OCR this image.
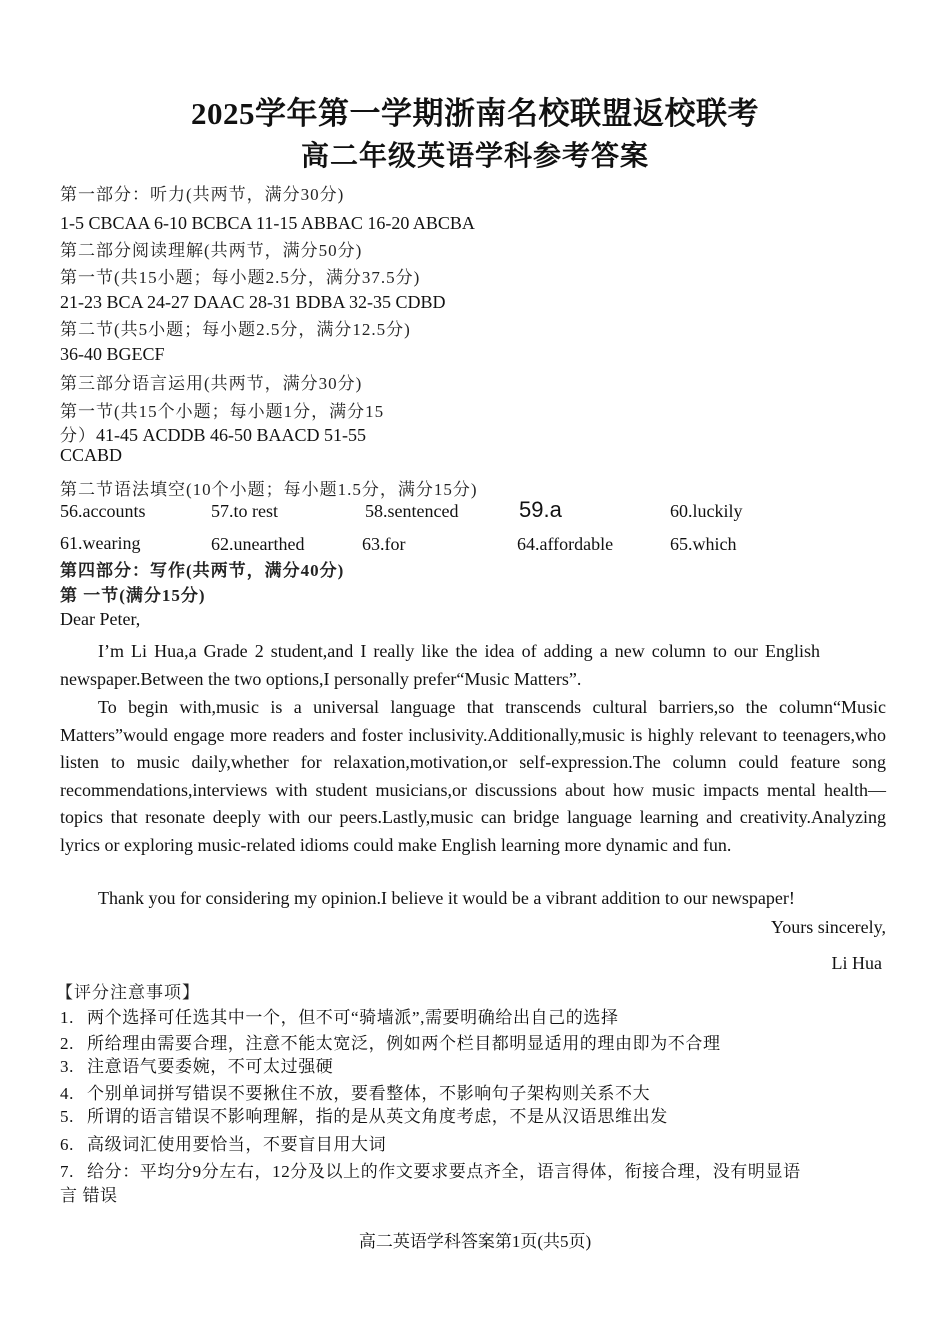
2025学年第一学期浙南名校联盟返校联考
高二年级英语学科参考答案
第一部分：听力(共两节，满分30分)
1-5 CBCAA 6-10 BCBCA 11-15 ABBAC 16-20 ABCBA
第二部分阅读理解(共两节，满分50分)
第一节(共15小题；每小题2.5分，满分37.5分)
21-23 BCA 24-27 DAAC 28-31 BDBA 32-35 CDBD
第二节(共5小题；每小题2.5分，满分12.5分)
36-40 BGECF
第三部分语言运用(共两节，满分30分)
第一节(共15个小题；每小题1分，满分15
分）41-45 ACDDB 46-50 BAACD 51-55
CCABD
第二节语法填空(10个小题；每小题1.5分，满分15分)
56.accounts	57.to rest	58.sentenced	59.a	60.luckily
61.wearing	62.unearthed	63.for	64.affordable	65.which
第四部分：写作(共两节，满分40分)
第 一节(满分15分)
Dear Peter,
I’m Li Hua,a Grade 2 student,and I really like the idea of adding a new column to our English newspaper.Between the two options,I personally prefer“Music Matters”.
To begin with,music is a universal language that transcends cultural barriers,so the column“Music Matters”would engage more readers and foster inclusivity.Additionally,music is highly relevant to teenagers,who listen to music daily,whether for relaxation,motivation,or self-expression.The column could feature song recommendations,interviews with student musicians,or discussions about how music impacts mental health—topics that resonate deeply with our peers.Lastly,music can bridge language learning and creativity.Analyzing lyrics or exploring music-related idioms could make English learning more dynamic and fun.
Thank you for considering my opinion.I believe it would be a vibrant addition to our newspaper!
Yours sincerely,
Li Hua
【评分注意事项】
1. 两个选择可任选其中一个，但不可“骑墙派”,需要明确给出自己的选择
2. 所给理由需要合理，注意不能太宽泛，例如两个栏目都明显适用的理由即为不合理
3. 注意语气要委婉，不可太过强硬
4. 个别单词拼写错误不要揪住不放，要看整体，不影响句子架构则关系不大
5. 所谓的语言错误不影响理解，指的是从英文角度考虑，不是从汉语思维出发
6. 高级词汇使用要恰当，不要盲目用大词
7. 给分：平均分9分左右，12分及以上的作文要求要点齐全，语言得体，衔接合理，没有明显语
言 错误
高二英语学科答案第1页(共5页)
